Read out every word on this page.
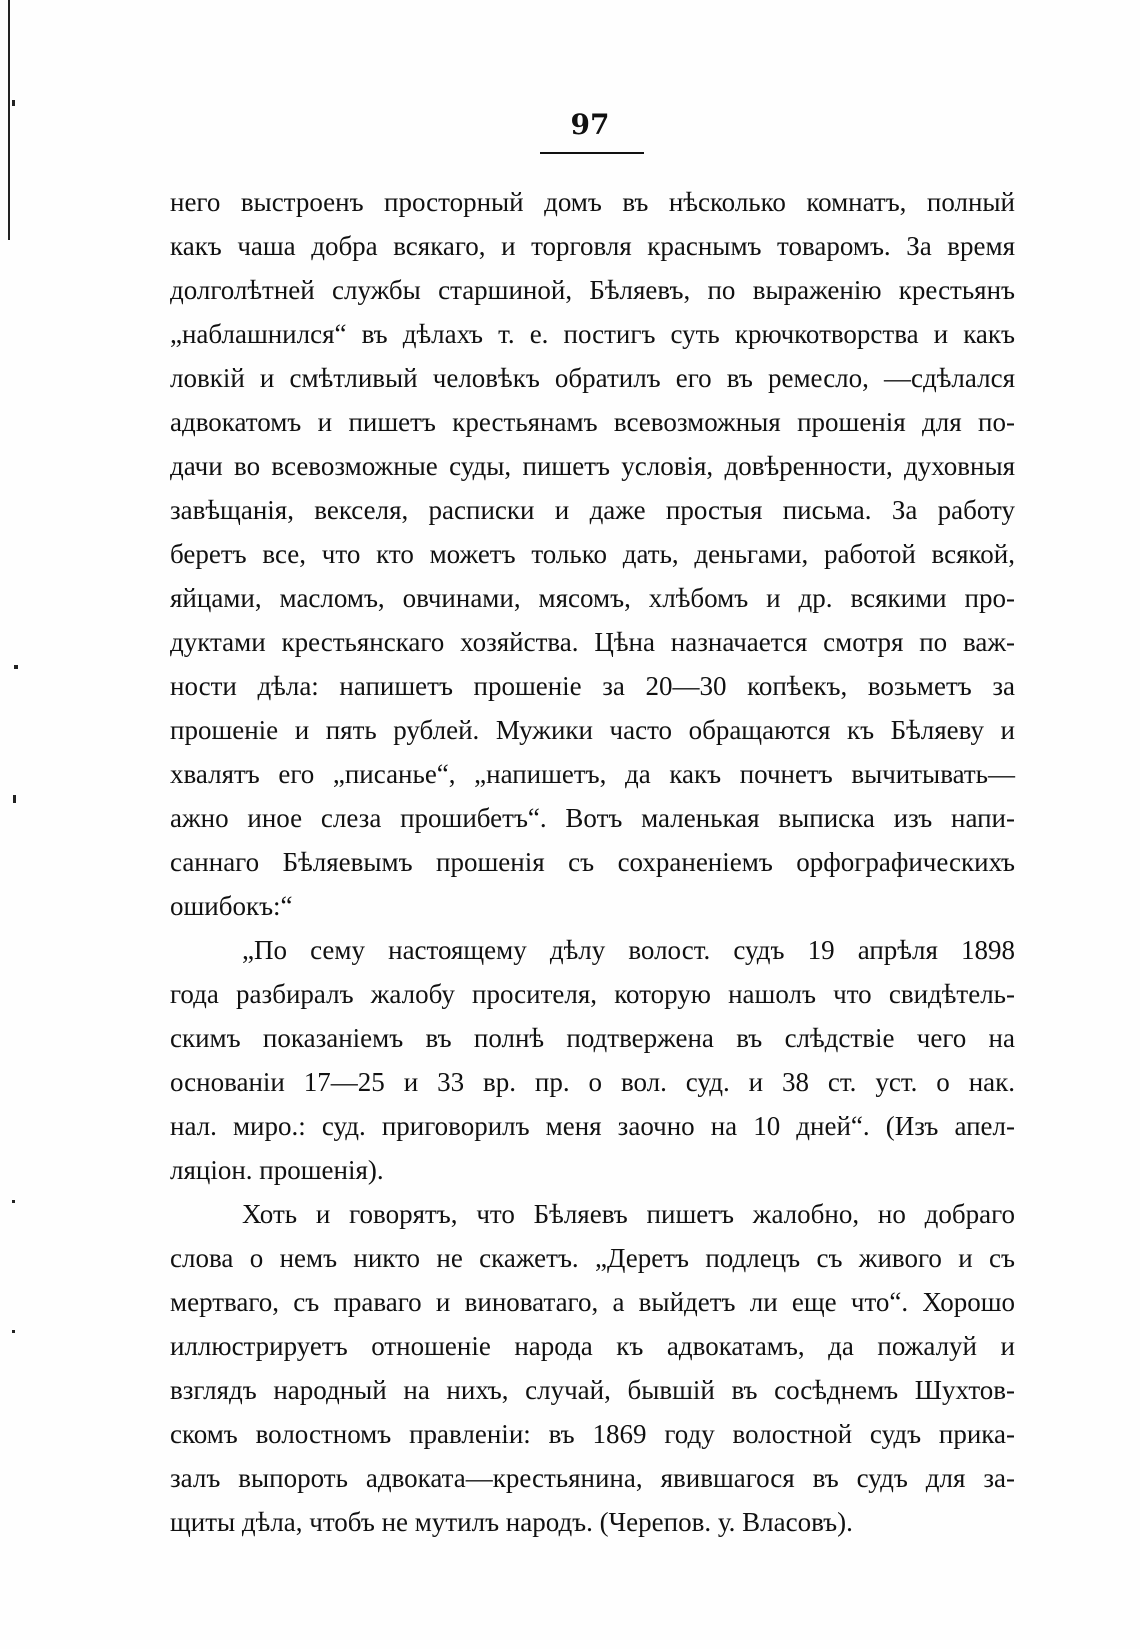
97
него выстроенъ просторный домъ въ нѣсколько комнатъ, полный
какъ чаша добра всякаго, и торговля краснымъ товаромъ. За время
долголѣтней службы старшиной, Бѣляевъ, по выраженію крестьянъ
„наблашнился“ въ дѣлахъ т. е. постигъ суть крючкотворства и какъ
ловкій и смѣтливый человѣкъ обратилъ его въ ремесло, —сдѣлался
адвокатомъ и пишетъ крестьянамъ всевозможныя прошенія для по-
дачи во всевозможные суды, пишетъ условія, довѣренности, духовныя
завѣщанія, векселя, расписки и даже простыя письма. За работу
беретъ все, что кто можетъ только дать, деньгами, работой всякой,
яйцами, масломъ, овчинами, мясомъ, хлѣбомъ и др. всякими про-
дуктами крестьянскаго хозяйства. Цѣна назначается смотря по важ-
ности дѣла: напишетъ прошеніе за 20—30 копѣекъ, возьметъ за
прошеніе и пять рублей. Мужики часто обращаются къ Бѣляеву и
хвалятъ его „писанье“, „напишетъ, да какъ почнетъ вычитывать—
ажно иное слеза прошибетъ“. Вотъ маленькая выписка изъ напи-
саннаго Бѣляевымъ прошенія съ сохраненіемъ орфографическихъ
ошибокъ:“
„По сему настоящему дѣлу волост. судъ 19 апрѣля 1898
года разбиралъ жалобу просителя, которую нашолъ что свидѣтель-
скимъ показаніемъ въ полнѣ подтвержена въ слѣдствіе чего на
основаніи 17—25 и 33 вр. пр. о вол. суд. и 38 ст. уст. о нак.
нал. миро.: суд. приговорилъ меня заочно на 10 дней“. (Изъ апел-
ляціон. прошенія).
Хоть и говорятъ, что Бѣляевъ пишетъ жалобно, но добраго
слова о немъ никто не скажетъ. „Деретъ подлецъ съ живого и съ
мертваго, съ праваго и виноватаго, а выйдетъ ли еще что“. Хорошо
иллюстрируетъ отношеніе народа къ адвокатамъ, да пожалуй и
взглядъ народный на нихъ, случай, бывшій въ сосѣднемъ Шухтов-
скомъ волостномъ правленіи: въ 1869 году волостной судъ прика-
залъ выпороть адвоката—крестьянина, явившагося въ судъ для за-
щиты дѣла, чтобъ не мутилъ народъ. (Черепов. у. Власовъ).
